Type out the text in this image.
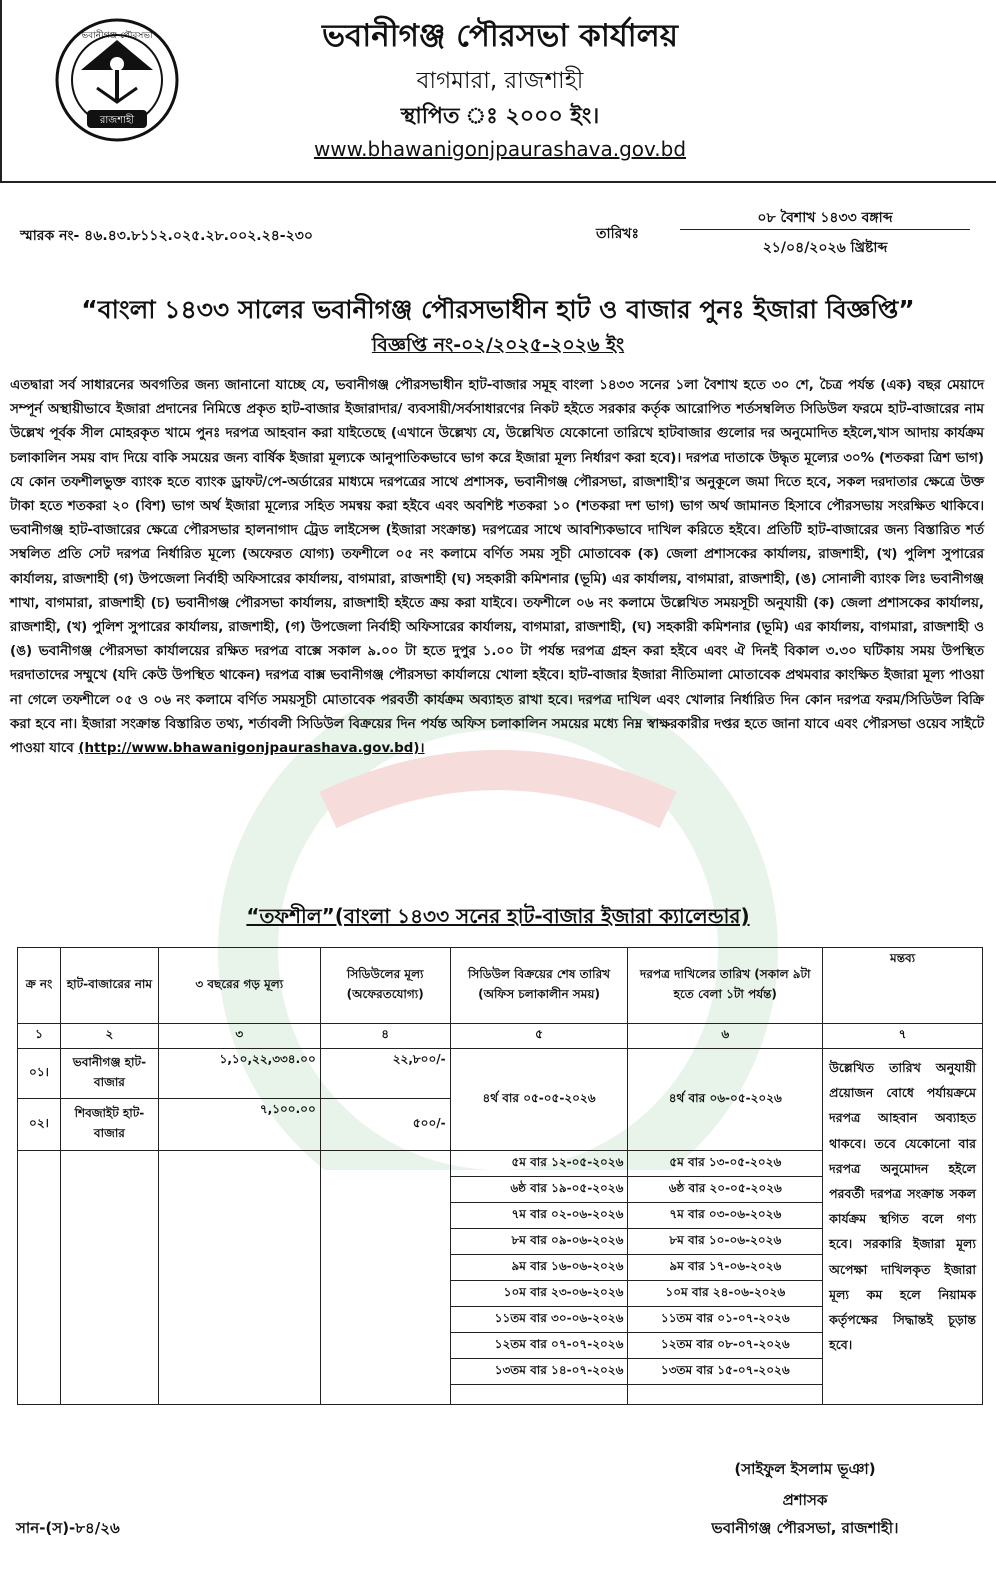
রাজশাহী
ভবানীগঞ্জ পৌরসভা	ভবানীগঞ্জ পৌরসভা কার্যালয়
বাগমারা, রাজশাহী
স্থাপিত ঃ ২০০০ ইং।
www.bhawanigonjpaurashava.gov.bd
স্মারক নং- ৪৬.৪৩.৮১১২.০২৫.২৮.০০২.২৪-২৩০	তারিখঃ
০৮ বৈশাখ ১৪৩৩ বঙ্গাব্দ
২১/০৪/২০২৬ খ্রিষ্টাব্দ
“বাংলা ১৪৩৩ সালের ভবানীগঞ্জ পৌরসভাধীন হাট ও বাজার পুনঃ ইজারা বিজ্ঞপ্তি”
বিজ্ঞপ্তি নং-০২/২০২৫-২০২৬ ইং
এতদ্বারা সর্ব সাধারনের অবগতির জন্য জানানো যাচ্ছে যে, ভবানীগঞ্জ পৌরসভাধীন হাট-বাজার সমূহ বাংলা ১৪৩৩ সনের ১লা বৈশাখ হতে ৩০ শে, চৈত্র পর্যন্ত (এক) বছর মেয়াদে সম্পূর্ন অস্থায়ীভাবে ইজারা প্রদানের নিমিত্তে প্রকৃত হাট-বাজার ইজারাদার/ ব্যবসায়ী/সর্বসাধারণের নিকট হইতে সরকার কর্তৃক আরোপিত শর্তসম্বলিত সিডিউল ফরমে হাট-বাজারের নাম উল্লেখ পূর্বক সীল মোহরকৃত খামে পুনঃ দরপত্র আহবান করা যাইতেছে (এখানে উল্লেখ্য যে, উল্লেখিত যেকোনো তারিখে হাটবাজার গুলোর দর অনুমোদিত হইলে,খাস আদায় কার্যক্রম চলাকালিন সময় বাদ দিয়ে বাকি সময়ের জন্য বার্ষিক ইজারা মূল্যকে আনুপাতিকভাবে ভাগ করে ইজারা মূল্য নির্ধারণ করা হবে)। দরপত্র দাতাকে উদ্ধৃত মূল্যের ৩০% (শতকরা ত্রিশ ভাগ) যে কোন তফশীলভুক্ত ব্যাংক হতে ব্যাংক ড্রাফট/পে-অর্ডারের মাধ্যমে দরপত্রের সাথে প্রশাসক, ভবানীগঞ্জ পৌরসভা, রাজশাহী'র অনুকূলে জমা দিতে হবে, সকল দরদাতার ক্ষেত্রে উক্ত টাকা হতে শতকরা ২০ (বিশ) ভাগ অর্থ ইজারা মূল্যের সহিত সমন্বয় করা হইবে এবং অবশিষ্ট শতকরা ১০ (শতকরা দশ ভাগ) ভাগ অর্থ জামানত হিসাবে পৌরসভায় সংরক্ষিত থাকিবে। ভবানীগঞ্জ হাট-বাজারের ক্ষেত্রে পৌরসভার হালনাগাদ ট্রেড লাইসেন্স (ইজারা সংক্রান্ত) দরপত্রের সাথে আবশ্যিকভাবে দাখিল করিতে হইবে। প্রতিটি হাট-বাজারের জন্য বিস্তারিত শর্ত সম্বলিত প্রতি সেট দরপত্র নির্ধারিত মূল্যে (অফেরত যোগ্য) তফশীলে ০৫ নং কলামে বর্ণিত সময় সূচী মোতাবেক (ক) জেলা প্রশাসকের কার্যালয়, রাজশাহী, (খ) পুলিশ সুপারের কার্যালয়, রাজশাহী (গ) উপজেলা নির্বাহী অফিসারের কার্যালয়, বাগমারা, রাজশাহী (ঘ) সহকারী কমিশনার (ভূমি) এর কার্যালয়, বাগমারা, রাজশাহী, (ঙ) সোনালী ব্যাংক লিঃ ভবানীগঞ্জ শাখা, বাগমারা, রাজশাহী (চ) ভবানীগঞ্জ পৌরসভা কার্যালয়, রাজশাহী হইতে ক্রয় করা যাইবে। তফশীলে ০৬ নং কলামে উল্লেখিত সময়সূচী অনুযায়ী (ক) জেলা প্রশাসকের কার্যালয়, রাজশাহী, (খ) পুলিশ সুপারের কার্যালয়, রাজশাহী, (গ) উপজেলা নির্বাহী অফিসারের কার্যালয়, বাগমারা, রাজশাহী, (ঘ) সহকারী কমিশনার (ভূমি) এর কার্যালয়, বাগমারা, রাজশাহী ও (ঙ) ভবানীগঞ্জ পৌরসভা কার্যালয়ের রক্ষিত দরপত্র বাক্সে সকাল ৯.০০ টা হতে দুপুর ১.০০ টা পর্যন্ত দরপত্র গ্রহন করা হইবে এবং ঐ দিনই বিকাল ৩.৩০ ঘটিকায় সময় উপস্থিত দরদাতাদের সম্মুখে (যদি কেউ উপস্থিত থাকেন) দরপত্র বাক্স ভবানীগঞ্জ পৌরসভা কার্যালয়ে খোলা হইবে। হাট-বাজার ইজারা নীতিমালা মোতাবেক প্রথমবার কাংক্ষিত ইজারা মূল্য পাওয়া না গেলে তফশীলে ০৫ ও ০৬ নং কলামে বর্ণিত সময়সূচী মোতাবেক পরবর্তী কার্যক্রম অব্যাহত রাখা হবে। দরপত্র দাখিল এবং খোলার নির্ধারিত দিন কোন দরপত্র ফরম/সিডিউল বিক্রি করা হবে না। ইজারা সংক্রান্ত বিস্তারিত তথ্য, শর্তাবলী সিডিউল বিক্রয়ের দিন পর্যন্ত অফিস চলাকালিন সময়ের মধ্যে নিম্ন স্বাক্ষরকারীর দপ্তর হতে জানা যাবে এবং পৌরসভা ওয়েব সাইটে পাওয়া যাবে (http://www.bhawanigonjpaurashava.gov.bd)।
“তফশীল”(বাংলা ১৪৩৩ সনের হাট-বাজার ইজারা ক্যালেন্ডার)
ক্র নং	হাট-বাজারের নাম	৩ বছরের গড় মূল্য	সিডিউলের মূল্য (অফেরতযোগ্য)	সিডিউল বিক্রয়ের শেষ তারিখ (অফিস চলাকালীন সময়)	দরপত্র দাখিলের তারিখ (সকাল ৯টা হতে বেলা ১টা পর্যন্ত)	মন্তব্য
১	২	৩	৪	৫	৬	৭
০১।	ভবানীগঞ্জ হাট-বাজার	১,১০,২২,৩৩৪.০০	২২,৮০০/-	৪র্থ বার ০৫-০৫-২০২৬	৪র্থ বার ০৬-০৫-২০২৬	উল্লেখিত তারিখ অনুযায়ী প্রয়োজন বোধে পর্যায়ক্রমে দরপত্র আহবান অব্যাহত থাকবে। তবে যেকোনো বার দরপত্র অনুমোদন হইলে পরবর্তী দরপত্র সংক্রান্ত সকল কার্যক্রম স্থগিত বলে গণ্য হবে। সরকারি ইজারা মূল্য অপেক্ষা দাখিলকৃত ইজারা মূল্য কম হলে নিয়ামক কর্তৃপক্ষের সিদ্ধান্তই চূড়ান্ত হবে।
০২।	শিবজাইট হাট-বাজার	৭,১০০.০০	৫০০/-			
				৫ম বার ১২-০৫-২০২৬	৫ম বার ১৩-০৫-২০২৬	
				৬ষ্ঠ বার ১৯-০৫-২০২৬	৬ষ্ঠ বার ২০-০৫-২০২৬	
				৭ম বার ০২-০৬-২০২৬	৭ম বার ০৩-০৬-২০২৬	
				৮ম বার ০৯-০৬-২০২৬	৮ম বার ১০-০৬-২০২৬	
				৯ম বার ১৬-০৬-২০২৬	৯ম বার ১৭-০৬-২০২৬	
				১০ম বার ২৩-০৬-২০২৬	১০ম বার ২৪-০৬-২০২৬	
				১১তম বার ৩০-০৬-২০২৬	১১তম বার ০১-০৭-২০২৬	
				১২তম বার ০৭-০৭-২০২৬	১২তম বার ০৮-০৭-২০২৬	
				১৩তম বার ১৪-০৭-২০২৬	১৩তম বার ১৫-০৭-২০২৬	

(সাইফুল ইসলাম ভূঞা)
প্রশাসক
ভবানীগঞ্জ পৌরসভা, রাজশাহী।
সান-(স)-৮৪/২৬
